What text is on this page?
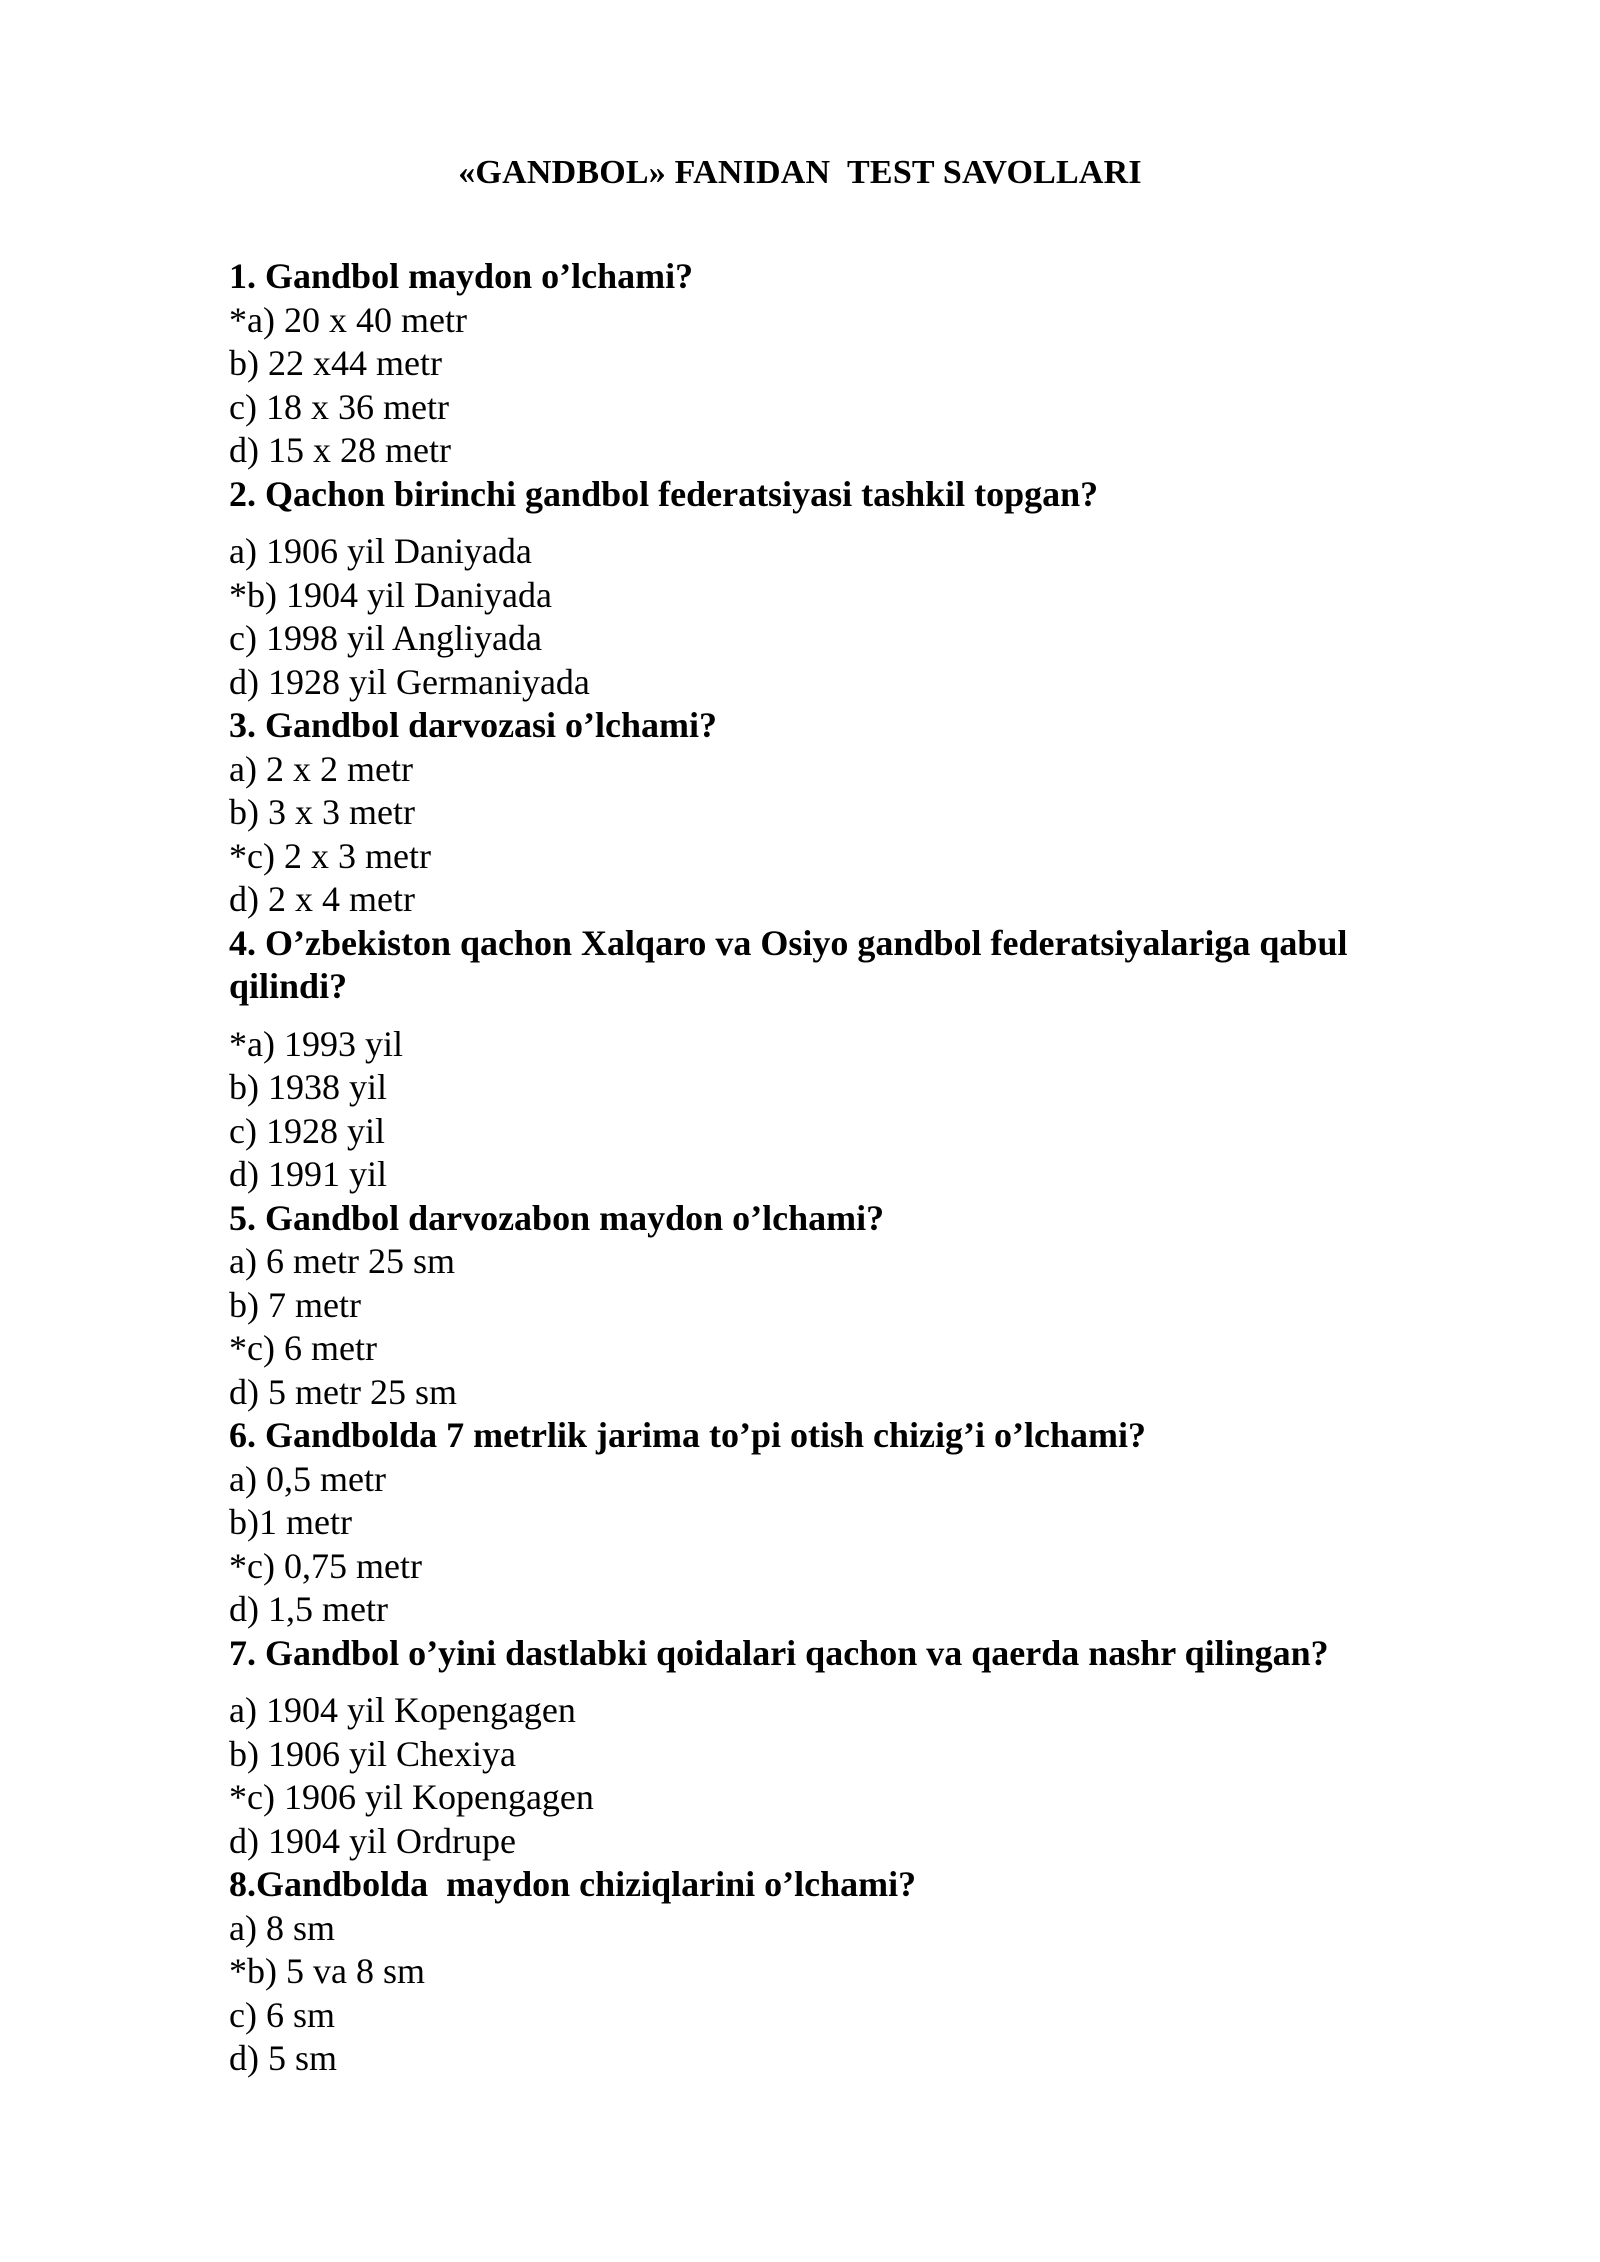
«GANDBOL» FANIDAN  TEST SAVOLLARI

1. Gandbol maydon o’lchami?

*a) 20 x 40 metr

b) 22 x44 metr

c) 18 x 36 metr

d) 15 x 28 metr

2. Qachon birinchi gandbol federatsiyasi tashkil topgan?

a) 1906 yil Daniyada

*b) 1904 yil Daniyada

c) 1998 yil Angliyada

d) 1928 yil Germaniyada

3. Gandbol darvozasi o’lchami?

a) 2 x 2 metr

b) 3 x 3 metr

*c) 2 x 3 metr

d) 2 x 4 metr

4. O’zbekiston qachon Xalqaro va Osiyo gandbol federatsiyalariga qabul qilindi?

*a) 1993 yil

b) 1938 yil

c) 1928 yil

d) 1991 yil

5. Gandbol darvozabon maydon o’lchami?

a) 6 metr 25 sm

b) 7 metr

*c) 6 metr

d) 5 metr 25 sm

6. Gandbolda 7 metrlik jarima to’pi otish chizig’i o’lchami?

a) 0,5 metr

b)1 metr

*c) 0,75 metr

d) 1,5 metr

7. Gandbol o’yini dastlabki qoidalari qachon va qaerda nashr qilingan?

a) 1904 yil Kopengagen

b) 1906 yil Chexiya

*c) 1906 yil Kopengagen

d) 1904 yil Ordrupe

8.Gandbolda  maydon chiziqlarini o’lchami?

a) 8 sm

*b) 5 va 8 sm

c) 6 sm

d) 5 sm
